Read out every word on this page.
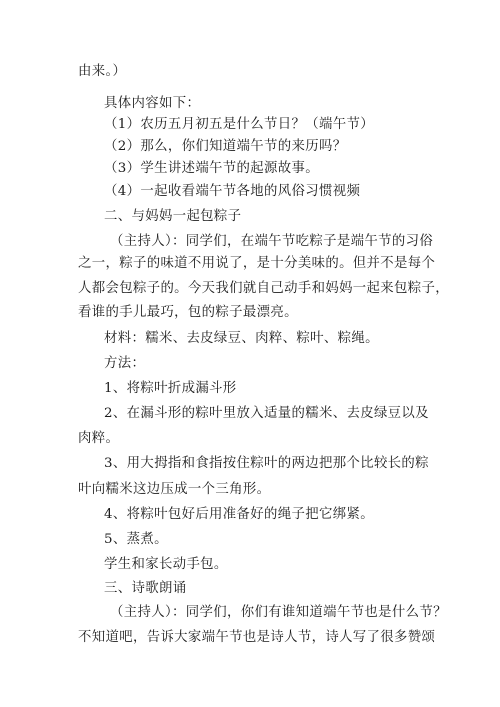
由来。）
具体内容如下：
（1）农历五月初五是什么节日？（端午节）
（2）那么，你们知道端午节的来历吗？
（3）学生讲述端午节的起源故事。
（4）一起收看端午节各地的风俗习惯视频
二、与妈妈一起包粽子
（主持人）：同学们，在端午节吃粽子是端午节的习俗
之一，粽子的味道不用说了，是十分美味的。但并不是每个
人都会包粽子的。今天我们就自己动手和妈妈一起来包粽子，
看谁的手儿最巧，包的粽子最漂亮。
材料：糯米、去皮绿豆、肉粹、粽叶、粽绳。
方法：
1、将粽叶折成漏斗形
2、在漏斗形的粽叶里放入适量的糯米、去皮绿豆以及
肉粹。
3、用大拇指和食指按住粽叶的两边把那个比较长的粽
叶向糯米这边压成一个三角形。
4、将粽叶包好后用准备好的绳子把它绑紧。
5、蒸煮。
学生和家长动手包。
三、诗歌朗诵
（主持人）：同学们，你们有谁知道端午节也是什么节？
不知道吧，告诉大家端午节也是诗人节，诗人写了很多赞颂
